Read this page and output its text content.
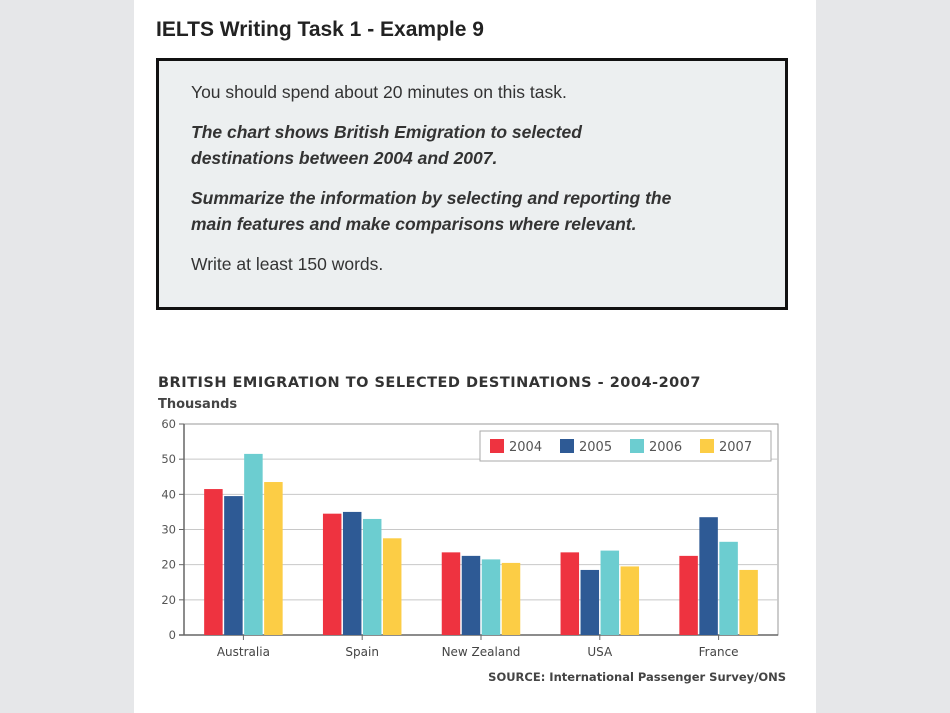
IELTS Writing Task 1 - Example 9

You should spend about 20 minutes on this task.

The chart shows British Emigration to selected
destinations between 2004 and 2007.

Summarize the information by selecting and reporting the
main features and make comparisons where relevant.

Write at least 150 words.

BRITISH EMIGRATION TO SELECTED DESTINATIONS - 2004-2007
Thousands
0
20
20
30
40
50
60
Australia	Spain	New Zealand	USA	France
2004	2005	2006	2007
SOURCE: International Passenger Survey/ONS
